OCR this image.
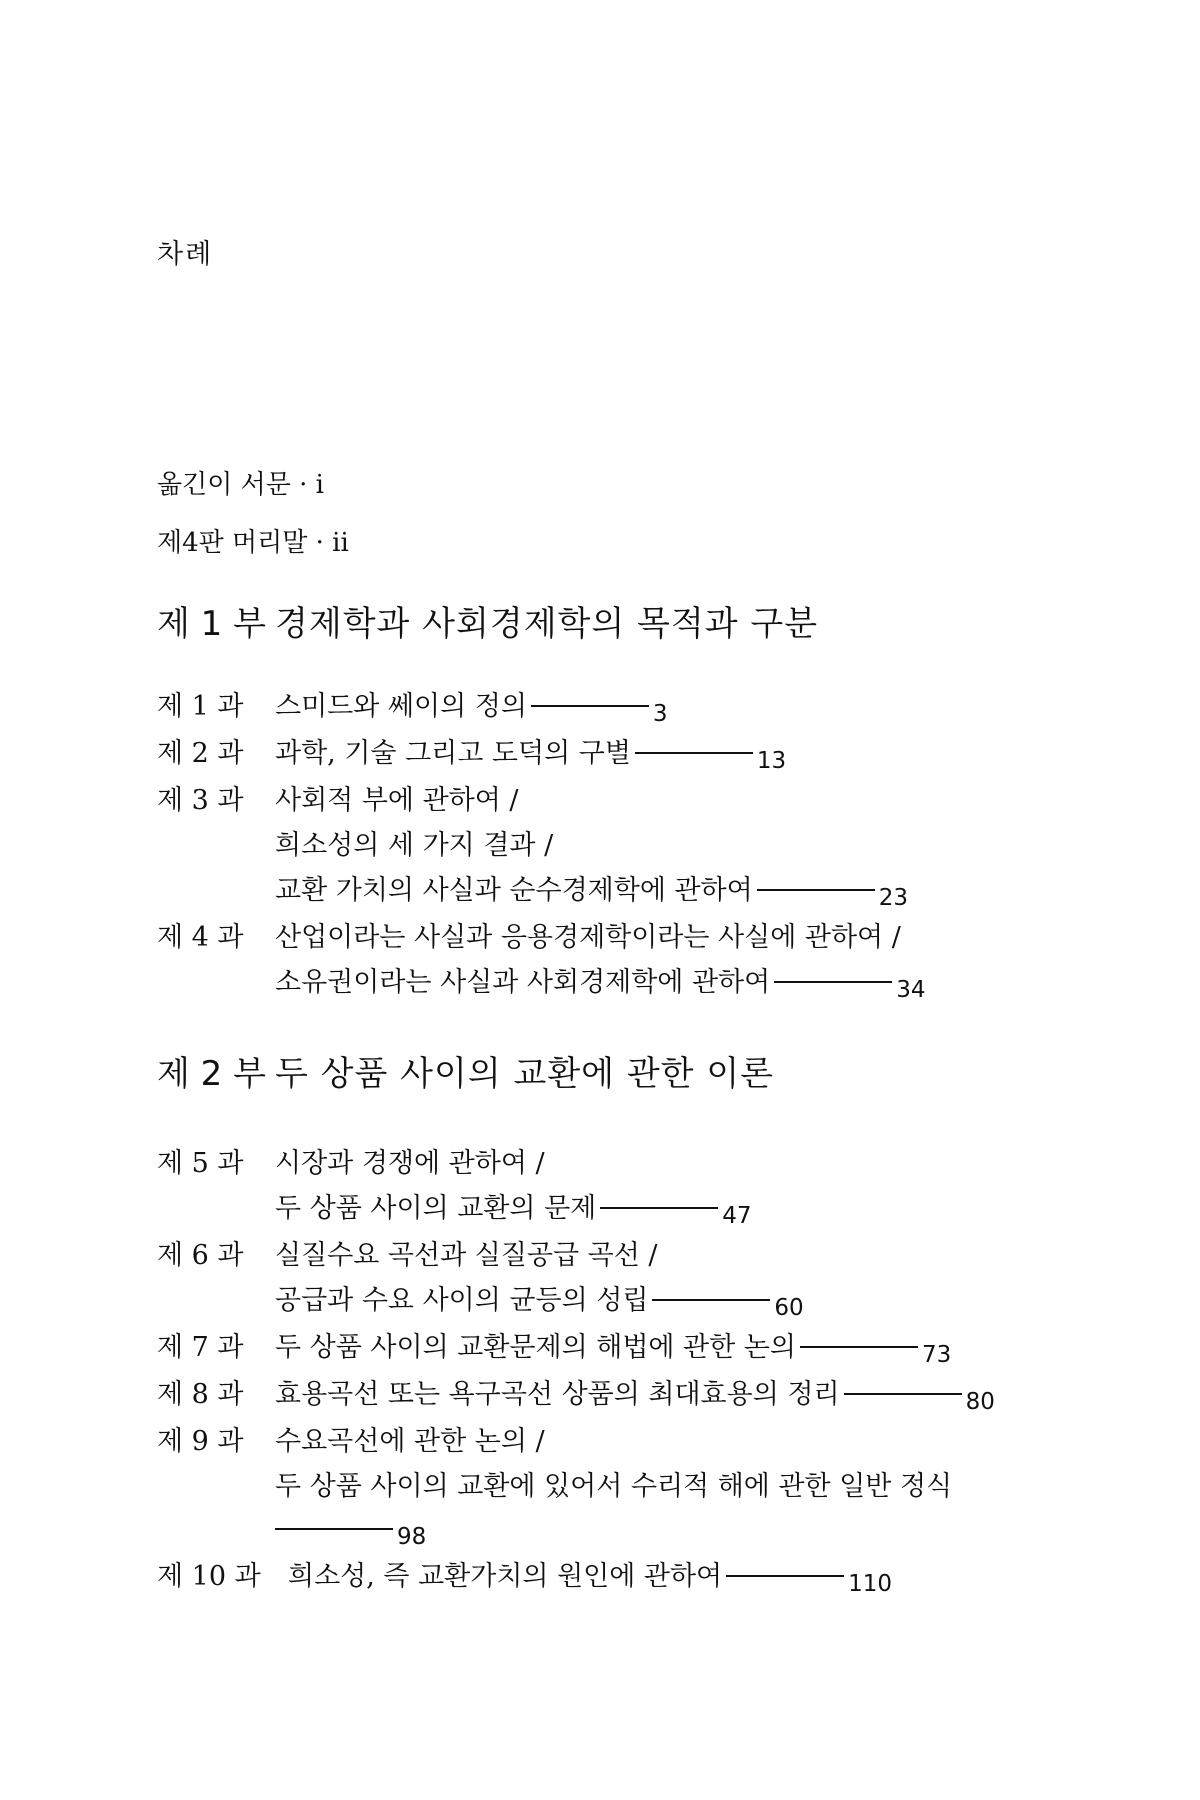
차례
옮긴이 서문 · i
제4판 머리말 · ii
제 1 부 경제학과 사회경제학의 목적과 구분
제 1 과	스미드와 쎄이의 정의	3
제 2 과	과학, 기술 그리고 도덕의 구별	13
제 3 과	사회적 부에 관하여 /
희소성의 세 가지 결과 /
교환 가치의 사실과 순수경제학에 관하여	23
제 4 과	산업이라는 사실과 응용경제학이라는 사실에 관하여 /
소유권이라는 사실과 사회경제학에 관하여	34
제 2 부 두 상품 사이의 교환에 관한 이론
제 5 과	시장과 경쟁에 관하여 /
두 상품 사이의 교환의 문제	47
제 6 과	실질수요 곡선과 실질공급 곡선 /
공급과 수요 사이의 균등의 성립	60
제 7 과	두 상품 사이의 교환문제의 해법에 관한 논의	73
제 8 과	효용곡선 또는 욕구곡선 상품의 최대효용의 정리	80
제 9 과	수요곡선에 관한 논의 /
두 상품 사이의 교환에 있어서 수리적 해에 관한 일반 정식
98
제 10 과	희소성, 즉 교환가치의 원인에 관하여	110
